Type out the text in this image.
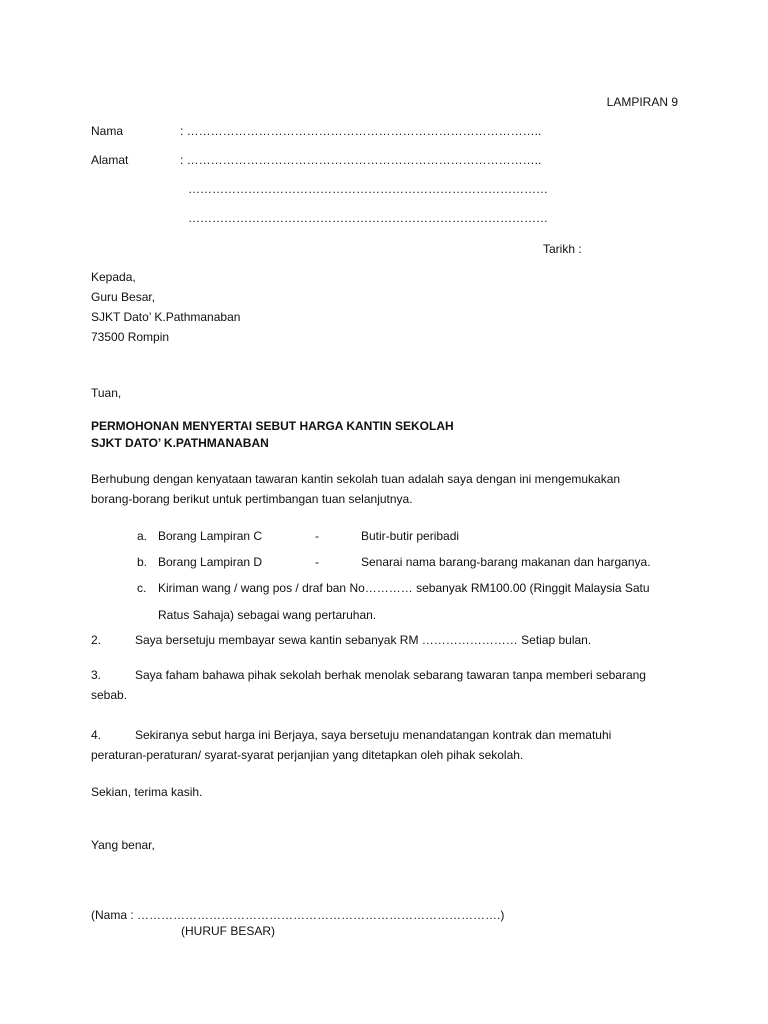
LAMPIRAN 9
Nama	: ……………………………………………………………………………..
Alamat	: ……………………………………………………………………………..
………………………………………………………………………………
………………………………………………………………………………
Tarikh :
Kepada,
Guru Besar,
SJKT Dato’ K.Pathmanaban
73500 Rompin
Tuan,
PERMOHONAN MENYERTAI SEBUT HARGA KANTIN SEKOLAH
SJKT DATO’ K.PATHMANABAN
Berhubung dengan kenyataan tawaran kantin sekolah tuan adalah saya dengan ini mengemukakan
borang-borang berikut untuk pertimbangan tuan selanjutnya.
a. Borang Lampiran C	-	Butir-butir peribadi
b. Borang Lampiran D	-	Senarai nama barang-barang makanan dan harganya.
c. Kiriman wang / wang pos / draf ban No………… sebanyak RM100.00 (Ringgit Malaysia Satu
Ratus Sahaja) sebagai wang pertaruhan.
2.	Saya bersetuju membayar sewa kantin sebanyak RM …………………… Setiap bulan.
3.	Saya faham bahawa pihak sekolah berhak menolak sebarang tawaran tanpa memberi sebarang
sebab.
4.	Sekiranya sebut harga ini Berjaya, saya bersetuju menandatangan kontrak dan mematuhi
peraturan-peraturan/ syarat-syarat perjanjian yang ditetapkan oleh pihak sekolah.
Sekian, terima kasih.
Yang benar,
(Nama : ……………………………………………………………………………….)
(HURUF BESAR)
